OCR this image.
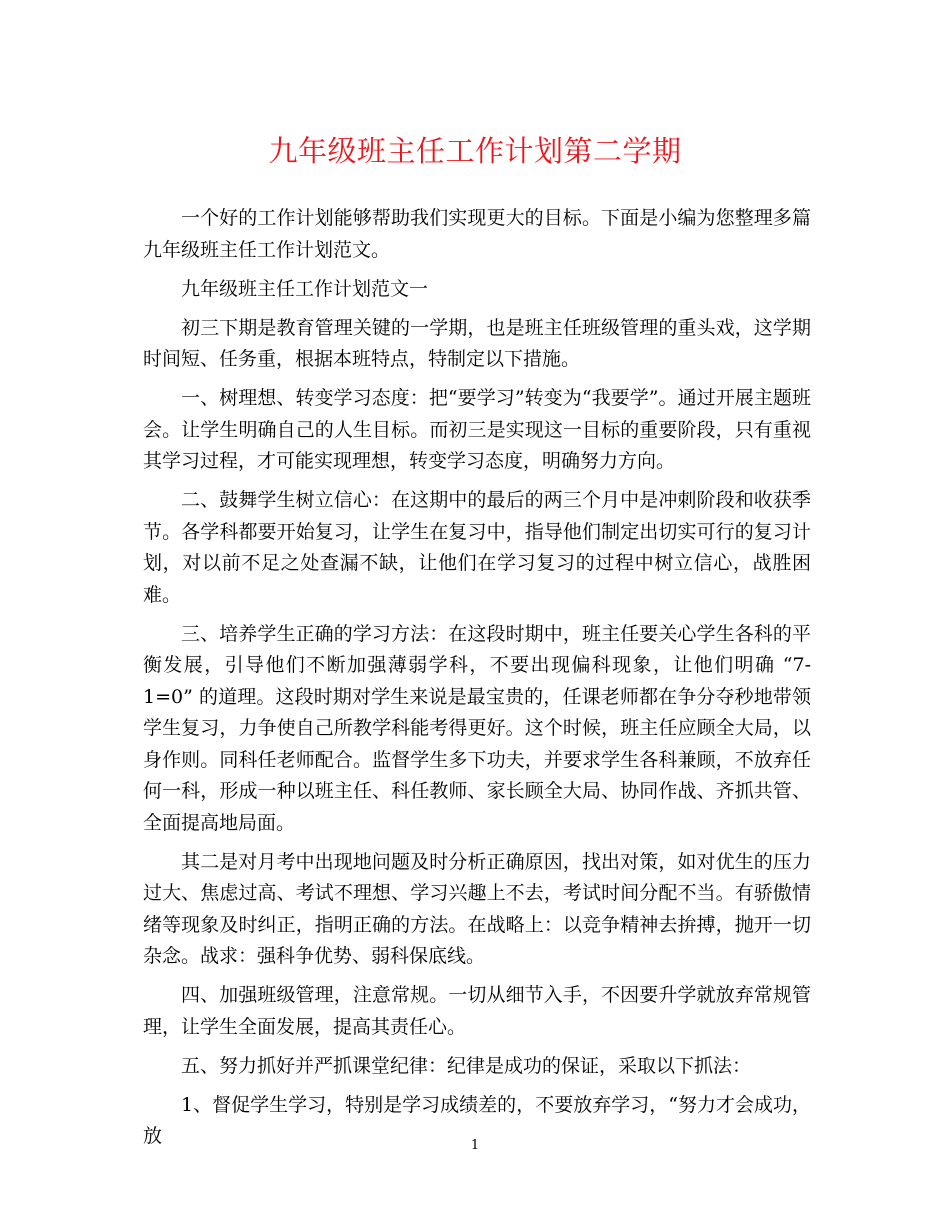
九年级班主任工作计划第二学期

一个好的工作计划能够帮助我们实现更大的目标。下面是小编为您整理多篇九年级班主任工作计划范文。

九年级班主任工作计划范文一

初三下期是教育管理关键的一学期，也是班主任班级管理的重头戏，这学期时间短、任务重，根据本班特点，特制定以下措施。

一、树理想、转变学习态度：把“要学习”转变为“我要学”。通过开展主题班会。让学生明确自己的人生目标。而初三是实现这一目标的重要阶段，只有重视其学习过程，才可能实现理想，转变学习态度，明确努力方向。

二、鼓舞学生树立信心：在这期中的最后的两三个月中是冲刺阶段和收获季节。各学科都要开始复习，让学生在复习中，指导他们制定出切实可行的复习计划，对以前不足之处查漏不缺，让他们在学习复习的过程中树立信心，战胜困难。

三、培养学生正确的学习方法：在这段时期中，班主任要关心学生各科的平衡发展，引导他们不断加强薄弱学科，不要出现偏科现象，让他们明确 “7-1=0” 的道理。这段时期对学生来说是最宝贵的，任课老师都在争分夺秒地带领学生复习，力争使自己所教学科能考得更好。这个时候，班主任应顾全大局，以身作则。同科任老师配合。监督学生多下功夫，并要求学生各科兼顾，不放弃任何一科，形成一种以班主任、科任教师、家长顾全大局、协同作战、齐抓共管、全面提高地局面。

其二是对月考中出现地问题及时分析正确原因，找出对策，如对优生的压力过大、焦虑过高、考试不理想、学习兴趣上不去，考试时间分配不当。有骄傲情绪等现象及时纠正，指明正确的方法。在战略上：以竞争精神去拚搏，抛开一切杂念。战求：强科争优势、弱科保底线。

四、加强班级管理，注意常规。一切从细节入手，不因要升学就放弃常规管理，让学生全面发展，提高其责任心。

五、努力抓好并严抓课堂纪律：纪律是成功的保证，采取以下抓法：

1、督促学生学习，特别是学习成绩差的，不要放弃学习，“努力才会成功，放	1
